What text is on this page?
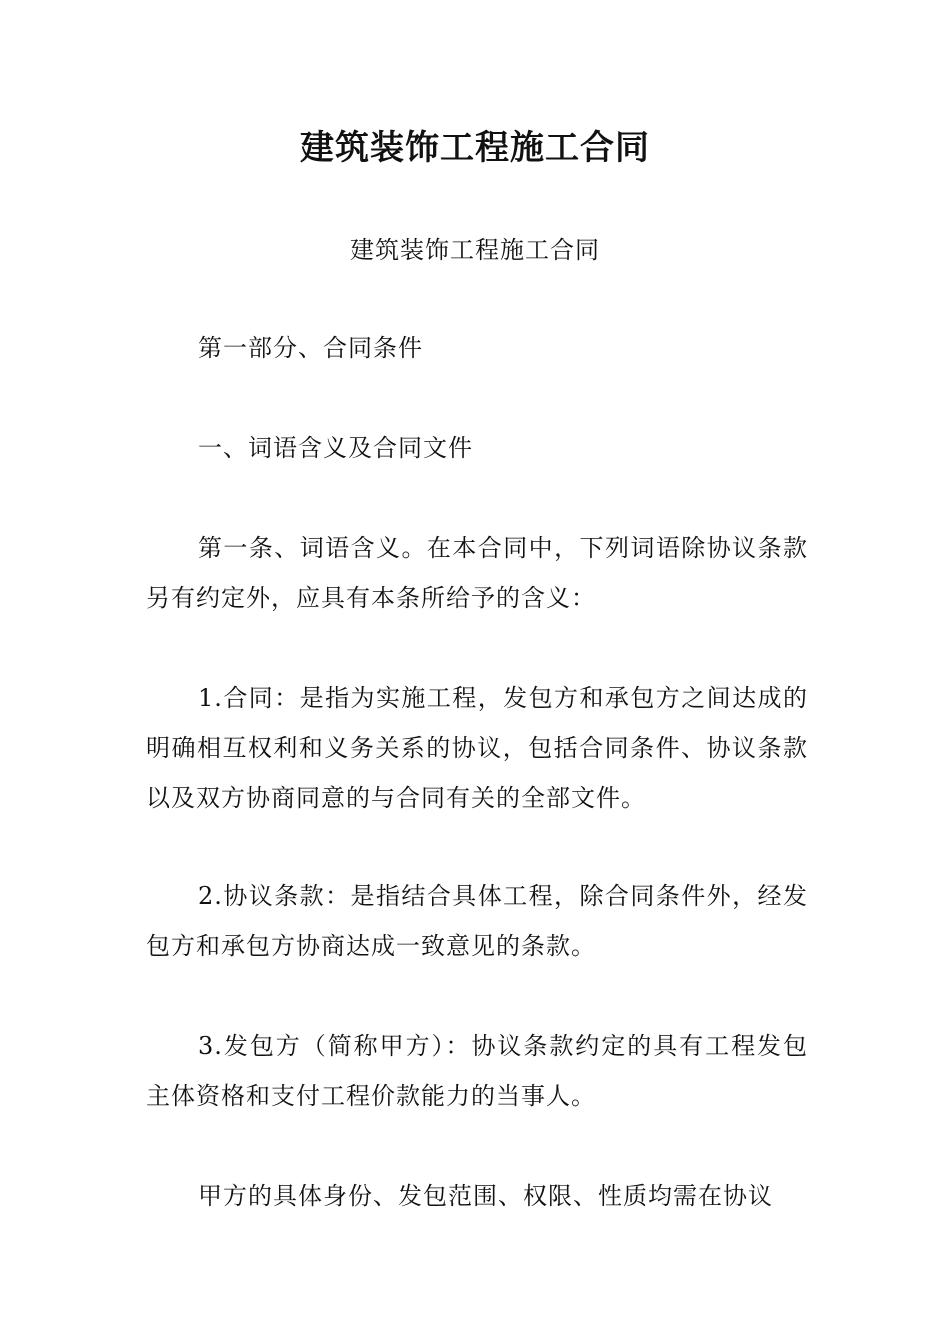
建筑装饰工程施工合同

建筑装饰工程施工合同

第一部分、合同条件

一、词语含义及合同文件

第一条、词语含义。在本合同中，下列词语除协议条款另有约定外，应具有本条所给予的含义：

1.合同：是指为实施工程，发包方和承包方之间达成的明确相互权利和义务关系的协议，包括合同条件、协议条款以及双方协商同意的与合同有关的全部文件。

2.协议条款：是指结合具体工程，除合同条件外，经发包方和承包方协商达成一致意见的条款。

3.发包方（简称甲方）：协议条款约定的具有工程发包主体资格和支付工程价款能力的当事人。

甲方的具体身份、发包范围、权限、性质均需在协议
